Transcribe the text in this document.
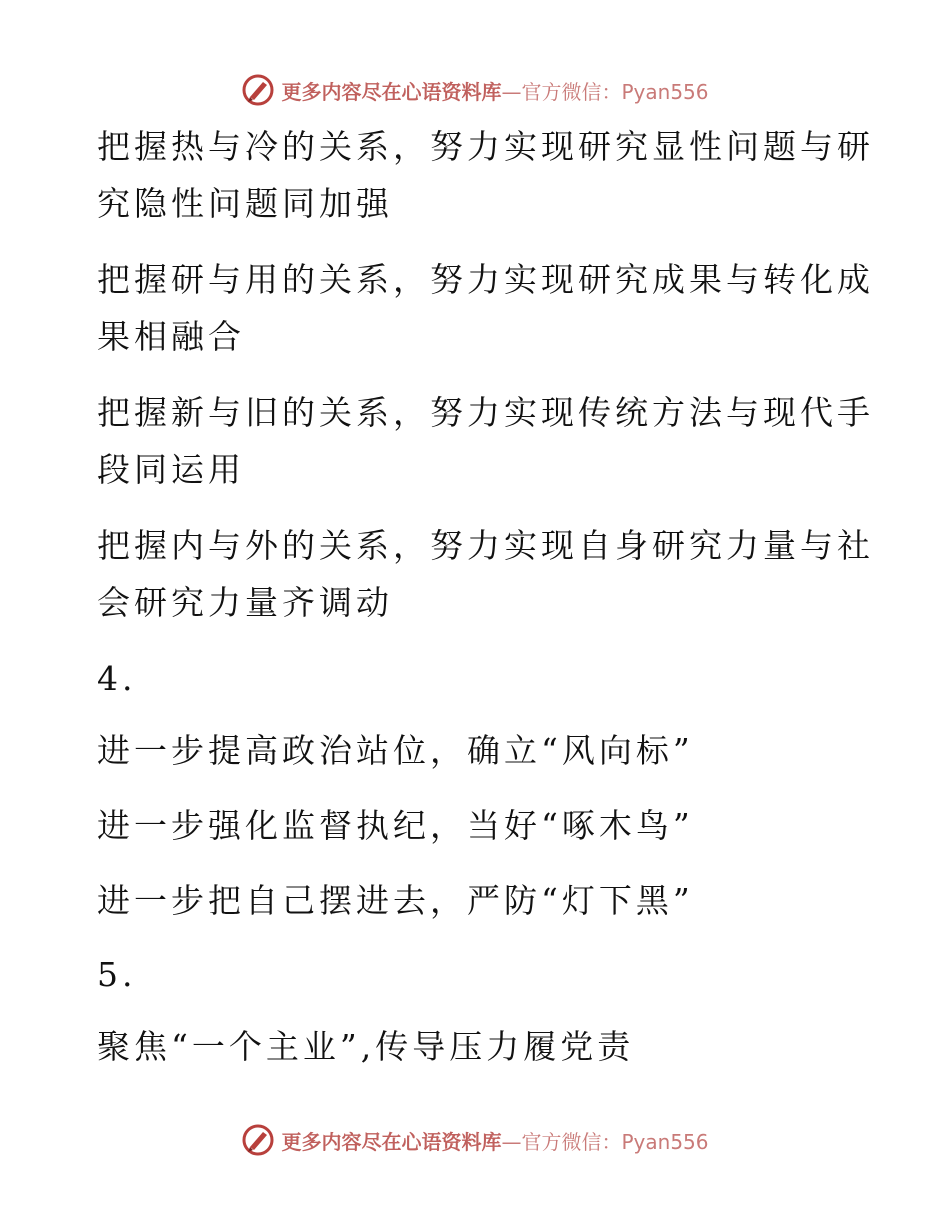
更多内容尽在心语资料库—官方微信：Pyan556
把握热与冷的关系，努力实现研究显性问题与研
究隐性问题同加强
把握研与用的关系，努力实现研究成果与转化成
果相融合
把握新与旧的关系，努力实现传统方法与现代手
段同运用
把握内与外的关系，努力实现自身研究力量与社
会研究力量齐调动
4.
进一步提高政治站位，确立“风向标”
进一步强化监督执纪，当好“啄木鸟”
进一步把自己摆进去，严防“灯下黑”
5.
聚焦“一个主业”,传导压力履党责
更多内容尽在心语资料库—官方微信：Pyan556
